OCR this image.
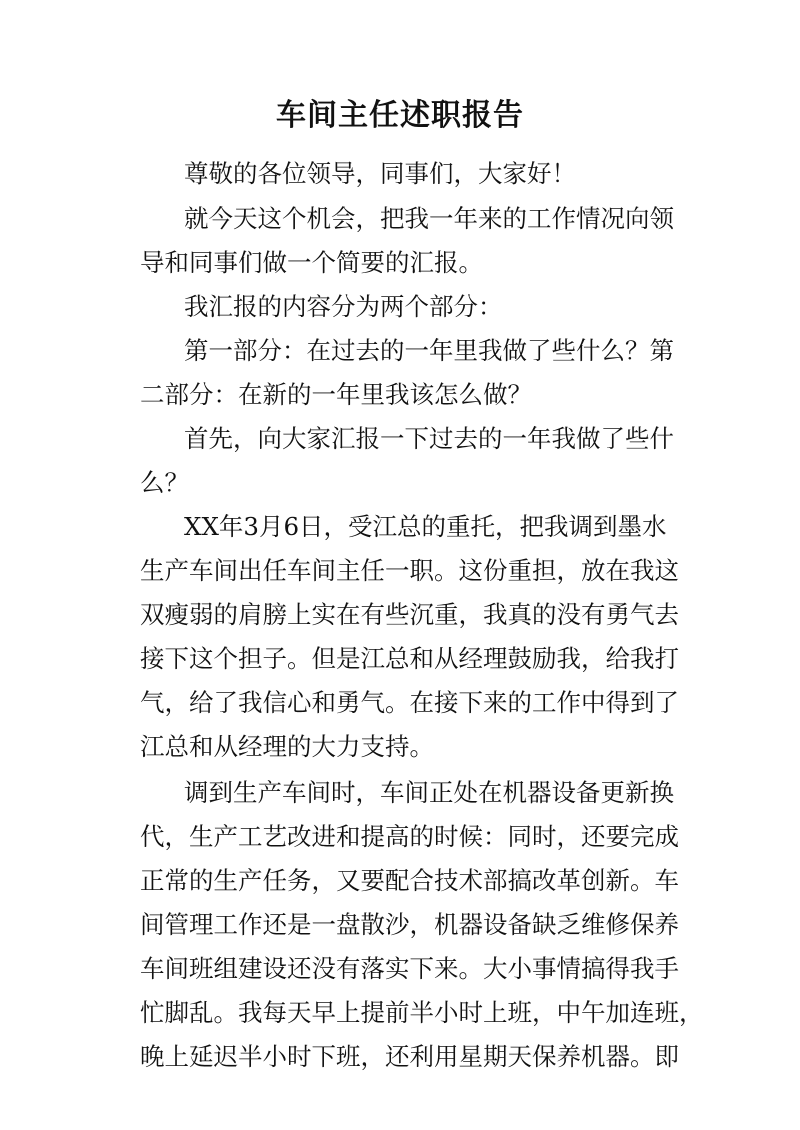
车间主任述职报告

尊敬的各位领导，同事们，大家好！

就今天这个机会，把我一年来的工作情况向领

导和同事们做一个简要的汇报。

我汇报的内容分为两个部分：

第一部分：在过去的一年里我做了些什么？第

二部分：在新的一年里我该怎么做？

首先，向大家汇报一下过去的一年我做了些什

么？

XX年3月6日，受江总的重托，把我调到墨水

生产车间出任车间主任一职。这份重担，放在我这

双瘦弱的肩膀上实在有些沉重，我真的没有勇气去

接下这个担子。但是江总和从经理鼓励我，给我打

气，给了我信心和勇气。在接下来的工作中得到了

江总和从经理的大力支持。

调到生产车间时，车间正处在机器设备更新换

代，生产工艺改进和提高的时候：同时，还要完成

正常的生产任务，又要配合技术部搞改革创新。车

间管理工作还是一盘散沙，机器设备缺乏维修保养

车间班组建设还没有落实下来。大小事情搞得我手

忙脚乱。我每天早上提前半小时上班，中午加连班，

晚上延迟半小时下班，还利用星期天保养机器。即
